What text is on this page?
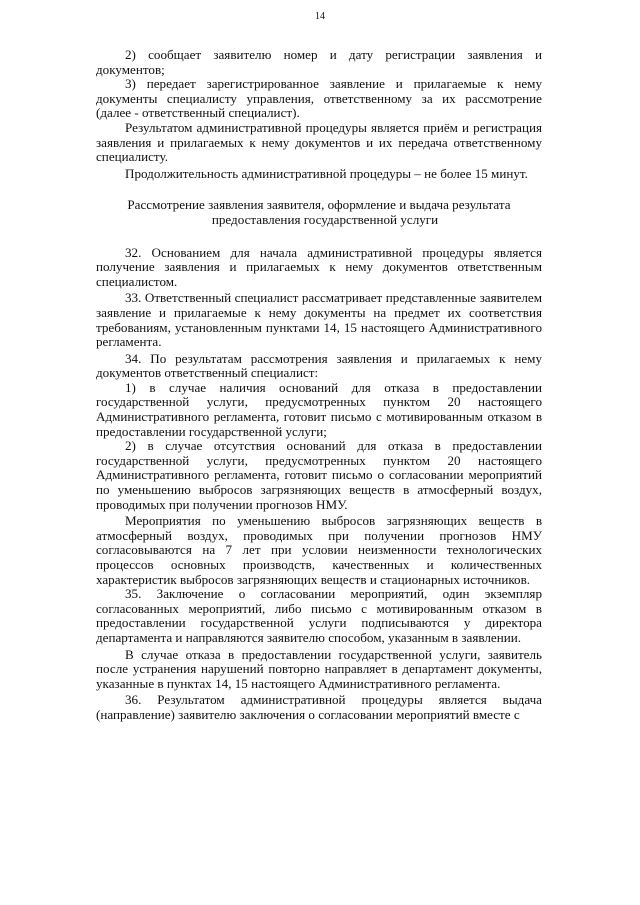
14

2) сообщает заявителю номер и дату регистрации заявления и документов;

3) передает зарегистрированное заявление и прилагаемые к нему документы специалисту управления, ответственному за их рассмотрение (далее - ответственный специалист).

Результатом административной процедуры является приём и регистрация заявления и прилагаемых к нему документов и их передача ответственному специалисту.

Продолжительность административной процедуры – не более 15 минут.

Рассмотрение заявления заявителя, оформление и выдача результата
предоставления государственной услуги

32. Основанием для начала административной процедуры является получение заявления и прилагаемых к нему документов ответственным специалистом.

33. Ответственный специалист рассматривает представленные заявителем заявление и прилагаемые к нему документы на предмет их соответствия требованиям, установленным пунктами 14, 15 настоящего Административного регламента.

34. По результатам рассмотрения заявления и прилагаемых к нему документов ответственный специалист:

1) в случае наличия оснований для отказа в предоставлении государственной услуги, предусмотренных пунктом 20 настоящего Административного регламента, готовит письмо с мотивированным отказом в предоставлении государственной услуги;

2) в случае отсутствия оснований для отказа в предоставлении государственной услуги, предусмотренных пунктом 20 настоящего Административного регламента, готовит письмо о согласовании мероприятий по уменьшению выбросов загрязняющих веществ в атмосферный воздух, проводимых при получении прогнозов НМУ.

Мероприятия по уменьшению выбросов загрязняющих веществ в атмосферный воздух, проводимых при получении прогнозов НМУ согласовываются на 7 лет при условии неизменности технологических процессов основных производств, качественных и количественных характеристик выбросов загрязняющих веществ и стационарных источников.

35. Заключение о согласовании мероприятий, один экземпляр согласованных мероприятий, либо письмо с мотивированным отказом в предоставлении государственной услуги подписываются у директора департамента и направляются заявителю способом, указанным в заявлении.

В случае отказа в предоставлении государственной услуги, заявитель после устранения нарушений повторно направляет в департамент документы, указанные в пунктах 14, 15 настоящего Административного регламента.

36. Результатом административной процедуры является выдача (направление) заявителю заключения о согласовании мероприятий вместе с
